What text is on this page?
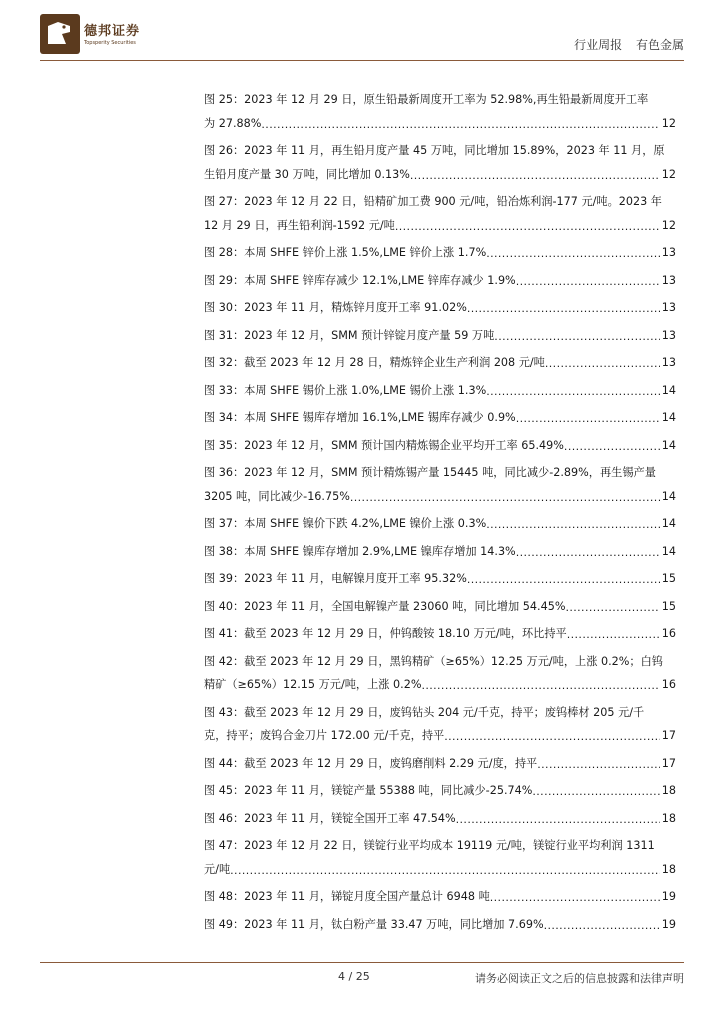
德邦证券
Topsperity Securities	行业周报 有色金属
图 25：2023 年 12 月 29 日，原生铅最新周度开工率为 52.98%,再生铅最新周度开工率
为 27.88% .....	12
图 26：2023 年 11 月，再生铅月度产量 45 万吨，同比增加 15.89%，2023 年 11 月，原
生铅月度产量 30 万吨，同比增加 0.13% .....	12
图 27：2023 年 12 月 22 日，铅精矿加工费 900 元/吨，铅冶炼利润-177 元/吨。2023 年
12 月 29 日，再生铅利润-1592 元/吨 .....	12
图 28：本周 SHFE 锌价上涨 1.5%,LME 锌价上涨 1.7% .....	13
图 29：本周 SHFE 锌库存减少 12.1%,LME 锌库存减少 1.9% .....	13
图 30：2023 年 11 月，精炼锌月度开工率 91.02% .....	13
图 31：2023 年 12 月，SMM 预计锌锭月度产量 59 万吨 .....	13
图 32：截至 2023 年 12 月 28 日，精炼锌企业生产利润 208 元/吨 .....	13
图 33：本周 SHFE 锡价上涨 1.0%,LME 锡价上涨 1.3% .....	14
图 34：本周 SHFE 锡库存增加 16.1%,LME 锡库存减少 0.9% .....	14
图 35：2023 年 12 月，SMM 预计国内精炼锡企业平均开工率 65.49% .....	14
图 36：2023 年 12 月，SMM 预计精炼锡产量 15445 吨，同比减少-2.89%，再生锡产量
3205 吨，同比减少-16.75% .....	14
图 37：本周 SHFE 镍价下跌 4.2%,LME 镍价上涨 0.3% .....	14
图 38：本周 SHFE 镍库存增加 2.9%,LME 镍库存增加 14.3% .....	14
图 39：2023 年 11 月，电解镍月度开工率 95.32% .....	15
图 40：2023 年 11 月，全国电解镍产量 23060 吨，同比增加 54.45% .....	15
图 41：截至 2023 年 12 月 29 日，仲钨酸铵 18.10 万元/吨，环比持平 .....	16
图 42：截至 2023 年 12 月 29 日，黑钨精矿（≥65%）12.25 万元/吨，上涨 0.2%；白钨
精矿（≥65%）12.15 万元/吨，上涨 0.2% .....	16
图 43：截至 2023 年 12 月 29 日，废钨钻头 204 元/千克，持平；废钨棒材 205 元/千
克，持平；废钨合金刀片 172.00 元/千克，持平 .....	17
图 44：截至 2023 年 12 月 29 日，废钨磨削料 2.29 元/度，持平 .....	17
图 45：2023 年 11 月，镁锭产量 55388 吨，同比减少-25.74% .....	18
图 46：2023 年 11 月，镁锭全国开工率 47.54% .....	18
图 47：2023 年 12 月 22 日，镁锭行业平均成本 19119 元/吨，镁锭行业平均利润 1311
元/吨 .....	18
图 48：2023 年 11 月，锑锭月度全国产量总计 6948 吨 .....	19
图 49：2023 年 11 月，钛白粉产量 33.47 万吨，同比增加 7.69% .....	19
4 / 25	请务必阅读正文之后的信息披露和法律声明
